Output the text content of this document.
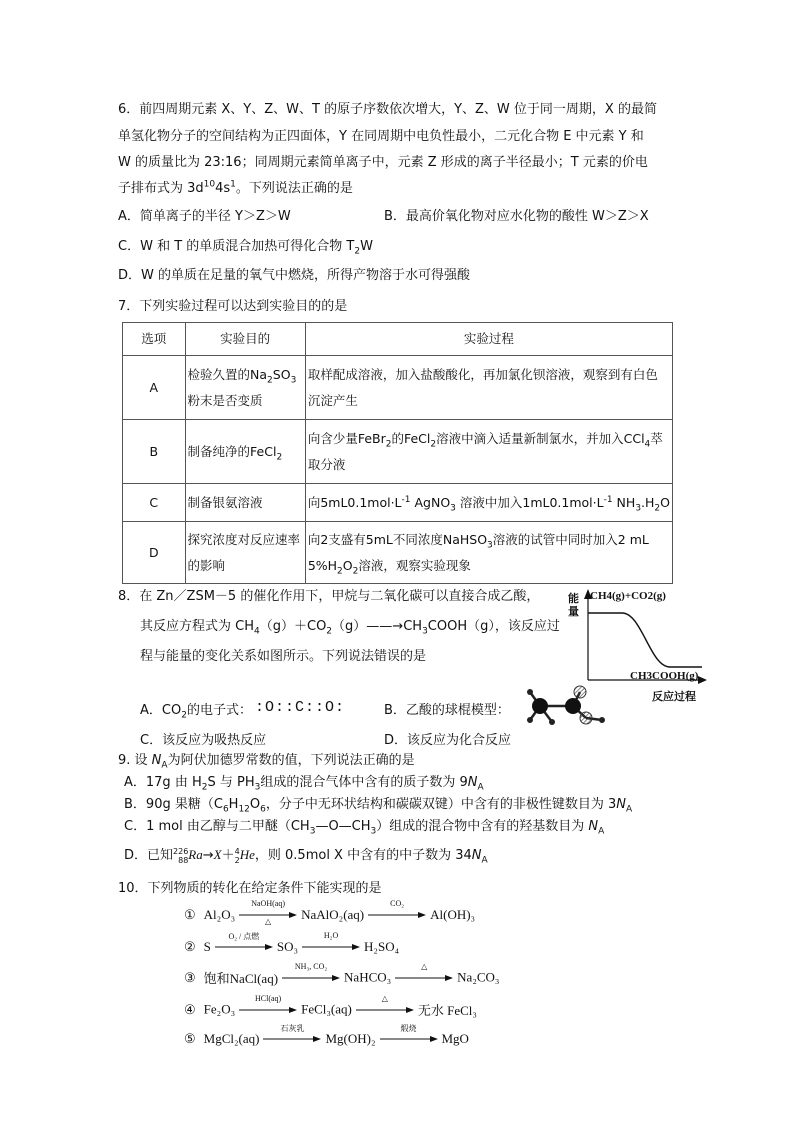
6．前四周期元素 X、Y、Z、W、T 的原子序数依次增大，Y、Z、W 位于同一周期，X 的最简
单氢化物分子的空间结构为正四面体，Y 在同周期中电负性最小，二元化合物 E 中元素 Y 和
W 的质量比为 23:16；同周期元素简单离子中，元素 Z 形成的离子半径最小；T 元素的价电
子排布式为 $3d^{10}4s^1$。下列说法正确的是
A．简单离子的半径 Y＞Z＞W	B．最高价氧化物对应水化物的酸性 W＞Z＞X
C．W 和 T 的单质混合加热可得化合物 $T_2W$
D．W 的单质在足量的氧气中燃烧，所得产物溶于水可得强酸
7．下列实验过程可以达到实验目的的是
选项	实验目的	实验过程
A	检验久置的$Na_2SO_3$粉末是否变质	取样配成溶液，加入盐酸酸化，再加氯化钡溶液，观察到有白色沉淀产生
B	制备纯净的FeCl$_2$	向含少量FeBr$_2$的FeCl$_2$溶液中滴入适量新制氯水，并加入CCl$_4$萃取分液
C	制备银氨溶液	向$5mL0.1mol\cdot L^{-1}$ AgNO$_3$ 溶液中加入$1mL0.1mol\cdot L^{-1}$ $NH_3.H_2O$
D	探究浓度对反应速率的影响	向2支盛有5mL不同浓度NaHSO$_3$溶液的试管中同时加入2 mL $5\%H_2O_2$溶液，观察实验现象
8．在 Zn／ZSM－5 的催化作用下，甲烷与二氧化碳可以直接合成乙酸，
其反应方程式为 $CH_4(g)+CO_2(g)——\to CH_3COOH(g)$，该反应过
程与能量的变化关系如图所示。下列说法错误的是
能量
CH4(g)+CO2(g)
CH3COOH(g)
反应过程
A．$CO_2$的电子式： :O::C::O:	B．乙酸的球棍模型：
C．该反应为吸热反应	D．该反应为化合反应
9. 设 $N_A$为阿伏加德罗常数的值，下列说法正确的是
A．17g 由 $H_2S$ 与 $PH_3$组成的混合气体中含有的质子数为 $9N_A$
B．90g 果糖（$C_6H_{12}O_6$，分子中无环状结构和碳碳双键）中含有的非极性键数目为 $3N_A$
C．1 mol 由乙醇与二甲醚$(CH_3—O—CH_3)$组成的混合物中含有的羟基数目为 $N_A$
D．已知226
88Ra→X＋4
2He，则 0.5mol X 中含有的中子数为 $34N_A$
10．下列物质的转化在给定条件下能实现的是
① Al₂O₃
NaOH(aq)
△	NaAlO₂(aq)
CO₂
Al(OH)₃
② S
O₂ / 点燃
SO₃
H₂O
H₂SO₄
③ 饱和NaCl(aq)
NH₃, CO₂
NaHCO₃
△
Na₂CO₃
④ Fe₂O₃
HCl(aq)
FeCl₃(aq)
△
无水 FeCl₃
⑤ MgCl₂(aq)
石灰乳
Mg(OH)₂
煅烧
MgO
